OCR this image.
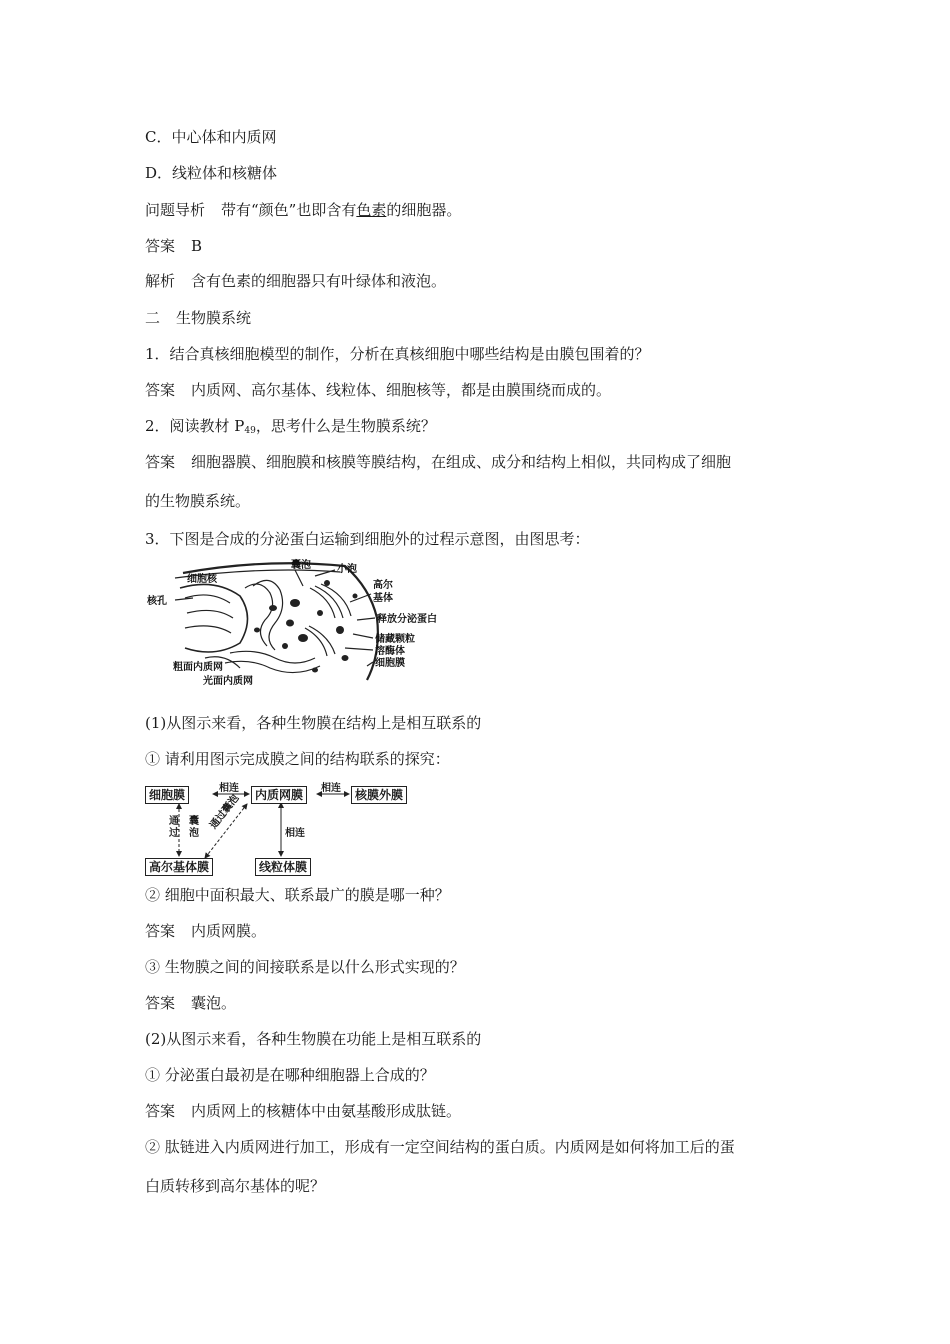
C．中心体和内质网
D．线粒体和核糖体
问题导析 带有“颜色”也即含有色素的细胞器。
答案 B
解析 含有色素的细胞器只有叶绿体和液泡。
二 生物膜系统
1．结合真核细胞模型的制作，分析在真核细胞中哪些结构是由膜包围着的？
答案 内质网、高尔基体、线粒体、细胞核等，都是由膜围绕而成的。
2．阅读教材 $P_{49}$，思考什么是生物膜系统？
答案 细胞器膜、细胞膜和核膜等膜结构，在组成、成分和结构上相似，共同构成了细胞
的生物膜系统。
3．下图是合成的分泌蛋白运输到细胞外的过程示意图，由图思考：
细胞核
核孔
囊泡	小泡
高尔
基体
释放分泌蛋白
储藏颗粒
溶酶体
细胞膜
粗面内质网
光面内质网
(1)从图示来看，各种生物膜在结构上是相互联系的
① 请利用图示完成膜之间的结构联系的探究：
细胞膜	内质网膜	核膜外膜
高尔基体膜	线粒体膜
相连	相连
相连
通过
囊泡
通过囊泡
② 细胞中面积最大、联系最广的膜是哪一种？
答案 内质网膜。
③ 生物膜之间的间接联系是以什么形式实现的？
答案 囊泡。
(2)从图示来看，各种生物膜在功能上是相互联系的
① 分泌蛋白最初是在哪种细胞器上合成的？
答案 内质网上的核糖体中由氨基酸形成肽链。
② 肽链进入内质网进行加工，形成有一定空间结构的蛋白质。内质网是如何将加工后的蛋
白质转移到高尔基体的呢？
